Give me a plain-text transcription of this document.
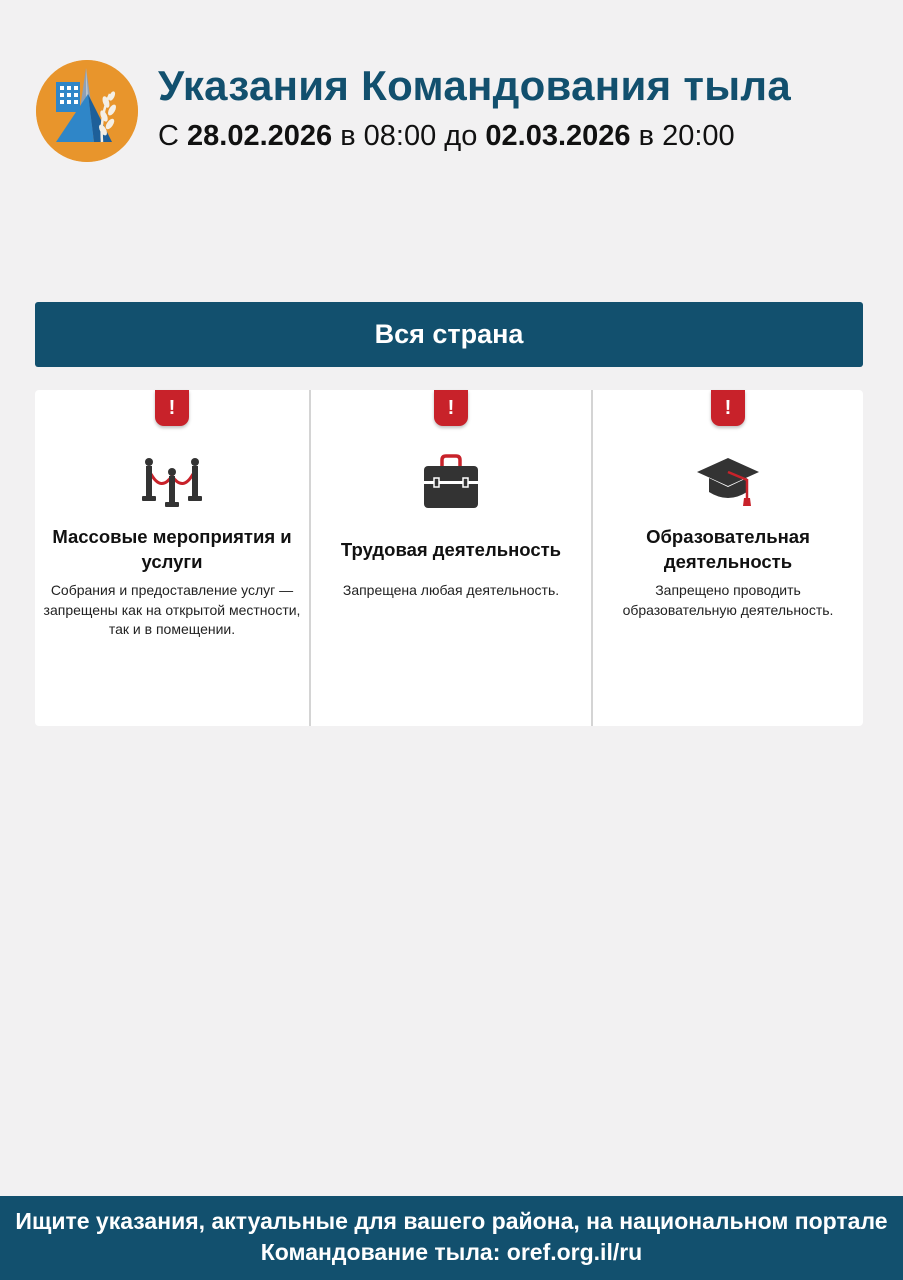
Указания Командования тыла
С 28.02.2026 в 08:00 до 02.03.2026 в 20:00
Вся страна
!
Массовые мероприятия и услуги
Собрания и предоставление услуг — запрещены как на открытой местности, так и в помещении.
!
Трудовая деятельность
Запрещена любая деятельность.
!
Образовательная деятельность
Запрещено проводить образовательную деятельность.
Ищите указания, актуальные для вашего района, на национальном портале Командование тыла: oref.org.il/ru
